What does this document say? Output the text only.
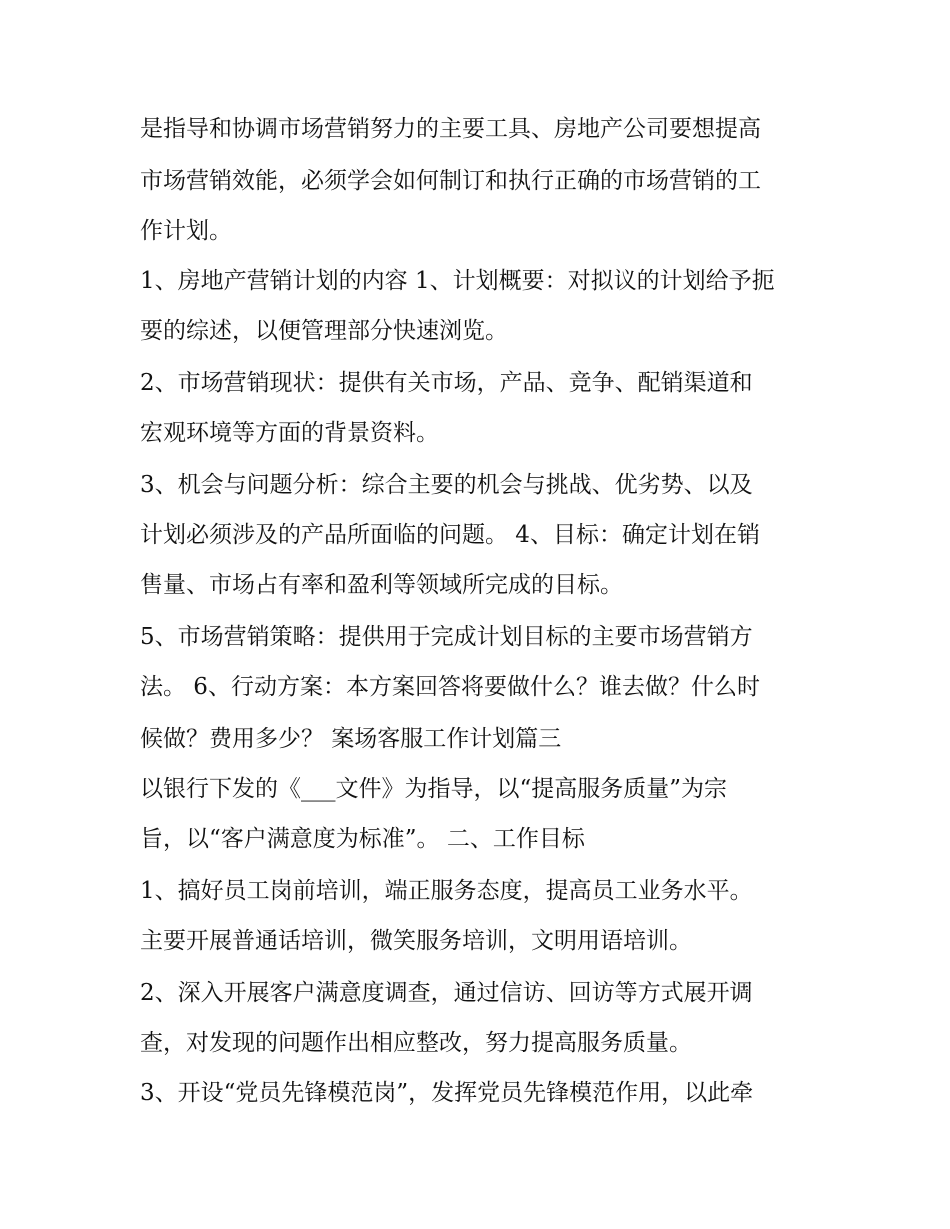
是指导和协调市场营销努力的主要工具、房地产公司要想提高
市场营销效能，必须学会如何制订和执行正确的市场营销的工
作计划。
1、房地产营销计划的内容 1、计划概要：对拟议的计划给予扼
要的综述，以便管理部分快速浏览。
2、市场营销现状：提供有关市场，产品、竞争、配销渠道和
宏观环境等方面的背景资料。
3、机会与问题分析：综合主要的机会与挑战、优劣势、以及
计划必须涉及的产品所面临的问题。 4、目标：确定计划在销
售量、市场占有率和盈利等领域所完成的目标。
5、市场营销策略：提供用于完成计划目标的主要市场营销方
法。 6、行动方案：本方案回答将要做什么？谁去做？什么时
候做？费用多少？ 案场客服工作计划篇三
以银行下发的《___文件》为指导，以“提高服务质量”为宗
旨，以“客户满意度为标准”。 二、工作目标
1、搞好员工岗前培训，端正服务态度，提高员工业务水平。
主要开展普通话培训，微笑服务培训，文明用语培训。
2、深入开展客户满意度调查，通过信访、回访等方式展开调
查，对发现的问题作出相应整改，努力提高服务质量。
3、开设“党员先锋模范岗”，发挥党员先锋模范作用，以此牵
